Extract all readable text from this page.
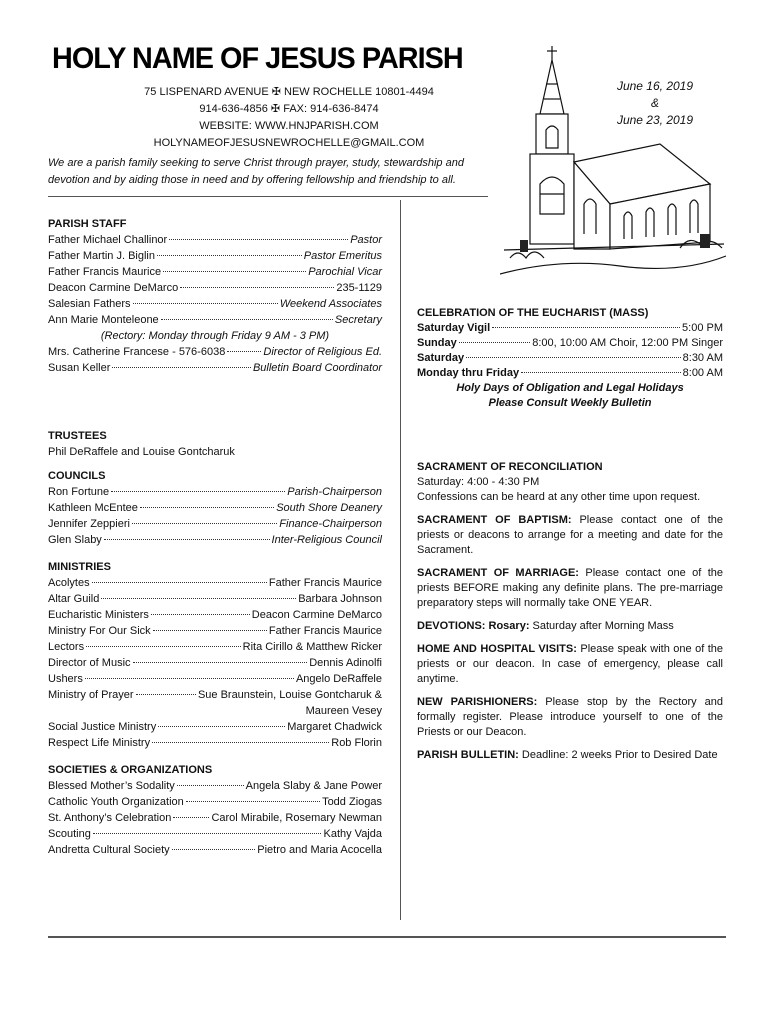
HOLY NAME OF JESUS PARISH
75 LISPENARD AVENUE ✠ NEW ROCHELLE 10801-4494
914-636-4856 ✠ FAX: 914-636-8474
WEBSITE: WWW.HNJPARISH.COM
HOLYNAMEOFJESUSNEWROCHELLE@GMAIL.COM
We are a parish family seeking to serve Christ through prayer, study, stewardship and devotion and by aiding those in need and by offering fellowship and friendship to all.
June 16, 2019
&
June 23, 2019
PARISH STAFF
Father Michael Challinor	Pastor
Father Martin J. Biglin	Pastor Emeritus
Father Francis Maurice	Parochial Vicar
Deacon Carmine DeMarco	235-1129
Salesian Fathers	Weekend Associates
Ann Marie Monteleone	Secretary
(Rectory: Monday through Friday 9 AM - 3 PM)
Mrs. Catherine Francese - 576-6038	Director of Religious Ed.
Susan Keller	Bulletin Board Coordinator
TRUSTEES
Phil DeRaffele and Louise Gontcharuk
COUNCILS
Ron Fortune	Parish-Chairperson
Kathleen McEntee	South Shore Deanery
Jennifer Zeppieri	Finance-Chairperson
Glen Slaby	Inter-Religious Council
MINISTRIES
Acolytes	Father Francis Maurice
Altar Guild	Barbara Johnson
Eucharistic Ministers	Deacon Carmine DeMarco
Ministry For Our Sick	Father Francis Maurice
Lectors	Rita Cirillo & Matthew Ricker
Director of Music	Dennis Adinolfi
Ushers	Angelo DeRaffele
Ministry of Prayer	Sue Braunstein, Louise Gontcharuk &
Maureen Vesey
Social Justice Ministry	Margaret Chadwick
Respect Life Ministry	Rob Florin
SOCIETIES & ORGANIZATIONS
Blessed Mother’s Sodality	Angela Slaby & Jane Power
Catholic Youth Organization	Todd Ziogas
St. Anthony’s Celebration	Carol Mirabile, Rosemary Newman
Scouting	Kathy Vajda
Andretta Cultural Society	Pietro and Maria Acocella
CELEBRATION OF THE EUCHARIST (MASS)
Saturday Vigil	5:00 PM
Sunday	8:00, 10:00 AM Choir, 12:00 PM Singer
Saturday	8:30 AM
Monday thru Friday	8:00 AM
Holy Days of Obligation and Legal Holidays
Please Consult Weekly Bulletin
SACRAMENT OF RECONCILIATION
Saturday: 4:00 - 4:30 PM
Confessions can be heard at any other time upon request.
SACRAMENT OF BAPTISM: Please contact one of the priests or deacons to arrange for a meeting and date for the Sacrament.
SACRAMENT OF MARRIAGE: Please contact one of the priests BEFORE making any definite plans. The pre-marriage preparatory steps will normally take ONE YEAR.
DEVOTIONS: Rosary: Saturday after Morning Mass
HOME AND HOSPITAL VISITS: Please speak with one of the priests or our deacon. In case of emergency, please call anytime.
NEW PARISHIONERS: Please stop by the Rectory and formally register. Please introduce yourself to one of the Priests or our Deacon.
PARISH BULLETIN: Deadline: 2 weeks Prior to Desired Date
